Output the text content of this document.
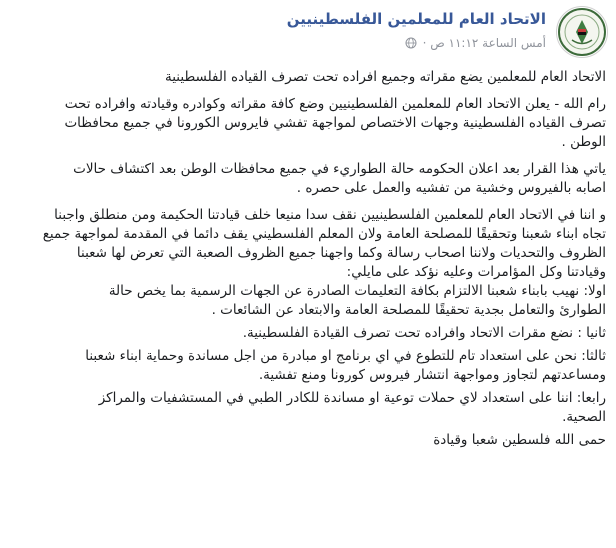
الاتحاد العام للمعلمين الفلسطينيين
أمس الساعة ١١:١٢ ص ·

الاتحاد العام للمعلمين يضع مقراته وجميع افراده تحت تصرف القياده الفلسطينية

رام الله - يعلن الاتحاد العام للمعلمين الفلسطينيين وضع كافة مقراته وكوادره وقيادته وافراده تحت
تصرف القياده الفلسطينية وجهات الاختصاص لمواجهة تفشي فايروس الكورونا في جميع محافظات
الوطن .

ياتي هذا القرار بعد اعلان الحكومه حالة الطواريء في جميع محافظات الوطن بعد اكتشاف حالات
اصابه بالفيروس وخشية من تفشيه والعمل على حصره .

و اننا في الاتحاد العام للمعلمين الفلسطينيين نقف سدا منيعا خلف قيادتنا الحكيمة ومن منطلق واجبنا
تجاه ابناء شعبنا وتحقيقًا للمصلحة العامة ولان المعلم الفلسطيني يقف دائما في المقدمة لمواجهة جميع
الظروف والتحديات ولاننا اصحاب رسالة وكما واجهنا جميع الظروف الصعبة التي تعرض لها شعبنا
وقيادتنا وكل المؤامرات وعليه نؤكد على مايلي:

اولا: نهيب بابناء شعبنا الالتزام بكافة التعليمات الصادرة عن الجهات الرسمية بما يخص حالة
الطوارئ والتعامل بجدية تحقيقًا للمصلحة العامة والابتعاد عن الشائعات .

ثانيا : نضع مقرات الاتحاد وافراده تحت تصرف القيادة الفلسطينية.

ثالثا: نحن على استعداد تام للتطوع في اي برنامج او مبادرة من اجل مساندة وحماية ابناء شعبنا
ومساعدتهم لتجاوز ومواجهة انتشار فيروس كورونا ومنع تفشية.

رابعا: اننا على استعداد لاي حملات توعية او مساندة للكادر الطبي في المستشفيات والمراكز
الصحية.

حمى الله فلسطين شعبا وقيادة
